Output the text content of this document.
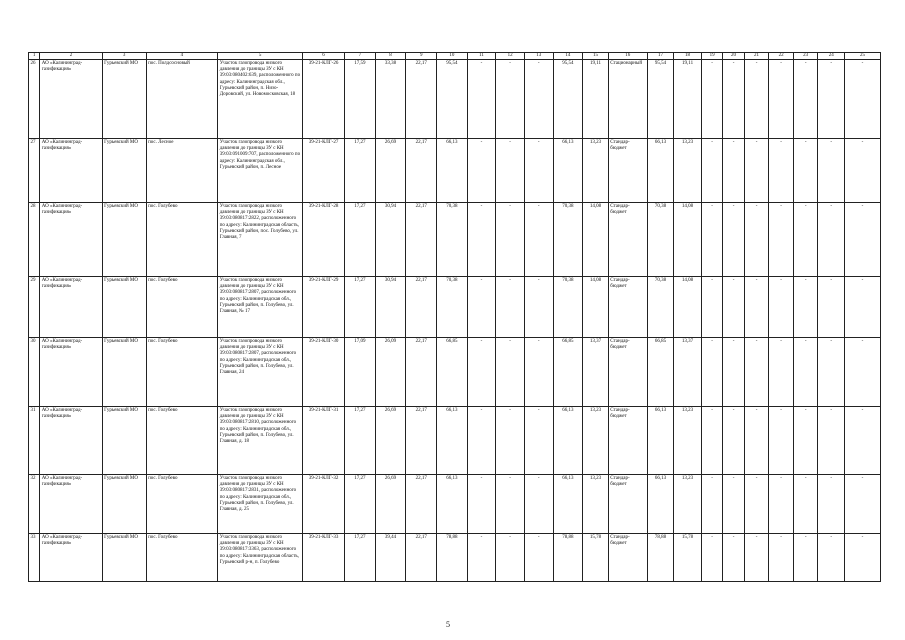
1	2	3	4	5	6	7	8	9	10	11	12	13	14	15	16	17	18	19	20	21	22	23	24	25
26	АО «Калининград-газификация»	Гурьевский МО	пос. Полдсосновый	Участок газопровода низкого давления до границы ЗУ с КН 39:03:080402:639, расположенного по адресу: Калининградская обл., Гурьевский район, п. Низо-Доровский, ул. Новомосковская, 18	39-21-КЛГ-26	17,59	33,38	22,17	95,54	-	-	-	95,54	19,11	Стационарный	95,54	19,11	-	-	-	-	-	-	-
27	АО «Калининград-газификация»	Гурьевский МО	пос. Лесное	Участок газопровода низкого давления до границы ЗУ с КН 39:03:091009:707, расположенного по адресу: Калининградская обл., Гурьевский район, п. Лесное	39-21-КЛГ-27	17,27	26,69	22,17	66,13	-	-	-	66,13	13,23	Стандар-бюджет	66,13	13,23	-	-	-	-	-	-	-
28	АО «Калининград-газификация»	Гурьевский МО	пос. Голубево	Участок газопровода низкого давления до границы ЗУ с КН 39:03:080817:2822, расположенного по адресу: Калининградская область, Гурьевский район, пос. Голубево, ул. Главная, 7	39-21-КЛГ-28	17,27	30,94	22,17	70,38	-	-	-	70,38	14,08	Стандар-бюджет	70,38	14,08	-	-	-	-	-	-	-
29	АО «Калининград-газификация»	Гурьевский МО	пос. Голубево	Участок газопровода низкого давления до границы ЗУ с КН 39:03:080817:2807, расположенного по адресу: Калининградская обл., Гурьевский район, п. Голубево, ул. Главная, № 17	39-21-КЛГ-29	17,27	30,94	22,17	70,38	-	-	-	70,38	14,08	Стандар-бюджет	70,38	14,08	-	-	-	-	-	-	-
30	АО «Калининград-газификация»	Гурьевский МО	пос. Голубево	Участок газопровода низкого давления до границы ЗУ с КН 39:03:080817:2807, расположенного по адресу: Калининградская обл., Гурьевский район, п. Голубево, ул. Главная, 24	39-21-КЛГ-30	17,09	26,09	22,17	66,85	-	-	-	66,85	13,37	Стандар-бюджет	66,85	13,37	-	-	-	-	-	-	-
31	АО «Калининград-газификация»	Гурьевский МО	пос. Голубево	Участок газопровода низкого давления до границы ЗУ с КН 39:03:080817:2810, расположенного по адресу: Калининградская обл., Гурьевский район, п. Голубево, ул. Главная, д. 18	39-21-КЛГ-31	17,27	26,69	22,17	66,13	-	-	-	66,13	13,23	Стандар-бюджет	66,13	13,23	-	-	-	-	-	-	-
32	АО «Калининград-газификация»	Гурьевский МО	пос. Голубево	Участок газопровода низкого давления до границы ЗУ с КН 39:03:080817:2831, расположенного по адресу: Калининградская обл., Гурьевский район, п. Голубево, ул. Главная, д. 25	39-21-КЛГ-32	17,27	26,69	22,17	66,13	-	-	-	66,13	13,23	Стандар-бюджет	66,13	13,23	-	-	-	-	-	-	-
33	АО «Калининград-газификация»	Гурьевский МО	пос. Голубево	Участок газопровода низкого давления до границы ЗУ с КН 39:03:080817:3363, расположенного по адресу: Калининградская область, Гурьевский р-н, п. Голубево	39-21-КЛГ-33	17,27	39,44	22,17	78,88	-	-	-	78,88	15,78	Стандар-бюджет	78,88	15,78	-	-	-	-	-	-	-
5
